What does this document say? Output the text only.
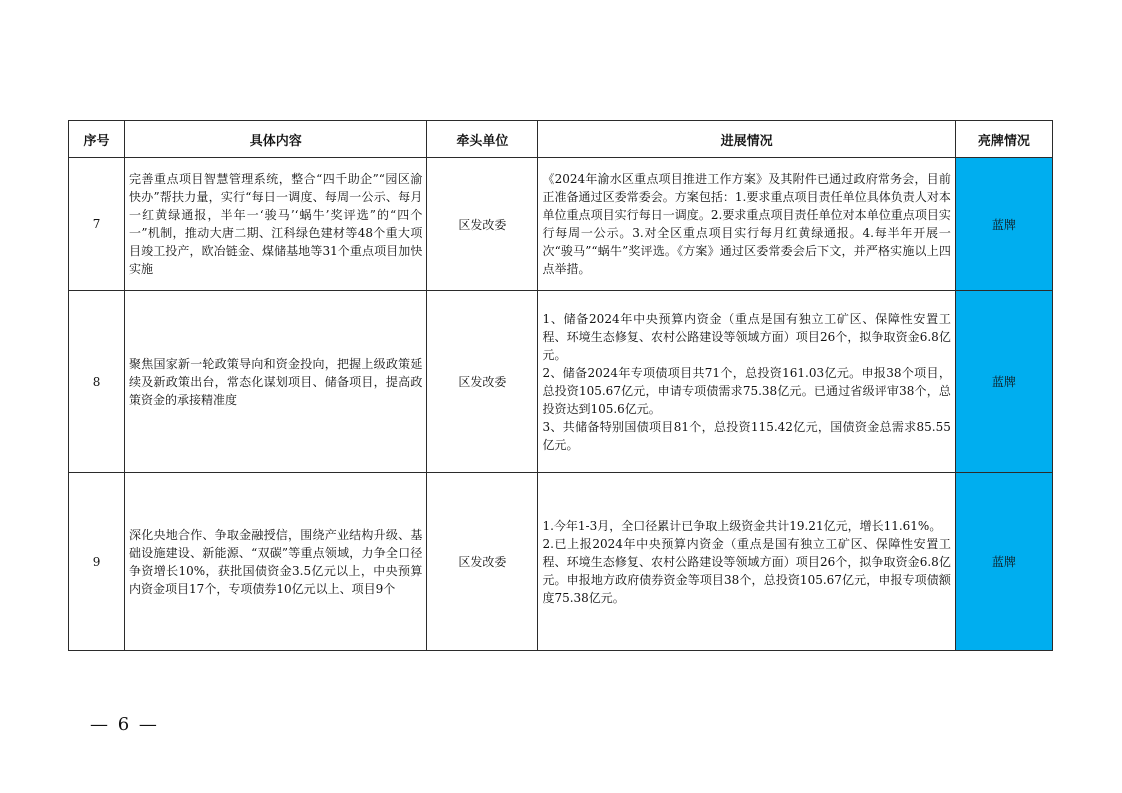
序号	具体内容	牵头单位	进展情况	亮牌情况
7	完善重点项目智慧管理系统，整合“四千助企”“园区渝快办”帮扶力量，实行“每日一调度、每周一公示、每月一红黄绿通报，半年一‘骏马’‘蜗牛’奖评选”的“四个一”机制，推动大唐二期、江科绿色建材等48个重大项目竣工投产，欧冶链金、煤储基地等31个重点项目加快实施	区发改委	《2024年渝水区重点项目推进工作方案》及其附件已通过政府常务会，目前正准备通过区委常委会。方案包括：1.要求重点项目责任单位具体负责人对本单位重点项目实行每日一调度。2.要求重点项目责任单位对本单位重点项目实行每周一公示。3.对全区重点项目实行每月红黄绿通报。4.每半年开展一次“骏马”“蜗牛”奖评选。《方案》通过区委常委会后下文，并严格实施以上四点举措。	蓝牌
8	聚焦国家新一轮政策导向和资金投向，把握上级政策延续及新政策出台，常态化谋划项目、储备项目，提高政策资金的承接精准度	区发改委	1、储备2024年中央预算内资金（重点是国有独立工矿区、保障性安置工程、环境生态修复、农村公路建设等领域方面）项目26个，拟争取资金6.8亿元。
2、储备2024年专项债项目共71个，总投资161.03亿元。申报38个项目，总投资105.67亿元，申请专项债需求75.38亿元。已通过省级评审38个，总投资达到105.6亿元。
3、共储备特别国债项目81个，总投资115.42亿元，国债资金总需求85.55亿元。	蓝牌
9	深化央地合作、争取金融授信，围绕产业结构升级、基础设施建设、新能源、“双碳”等重点领域，力争全口径争资增长10%，获批国债资金3.5亿元以上，中央预算内资金项目17个，专项债券10亿元以上、项目9个	区发改委	1.今年1-3月，全口径累计已争取上级资金共计19.21亿元，增长11.61%。
2.已上报2024年中央预算内资金（重点是国有独立工矿区、保障性安置工程、环境生态修复、农村公路建设等领域方面）项目26个，拟争取资金6.8亿元。申报地方政府债券资金等项目38个，总投资105.67亿元，申报专项债额度75.38亿元。	蓝牌
— 6 —
